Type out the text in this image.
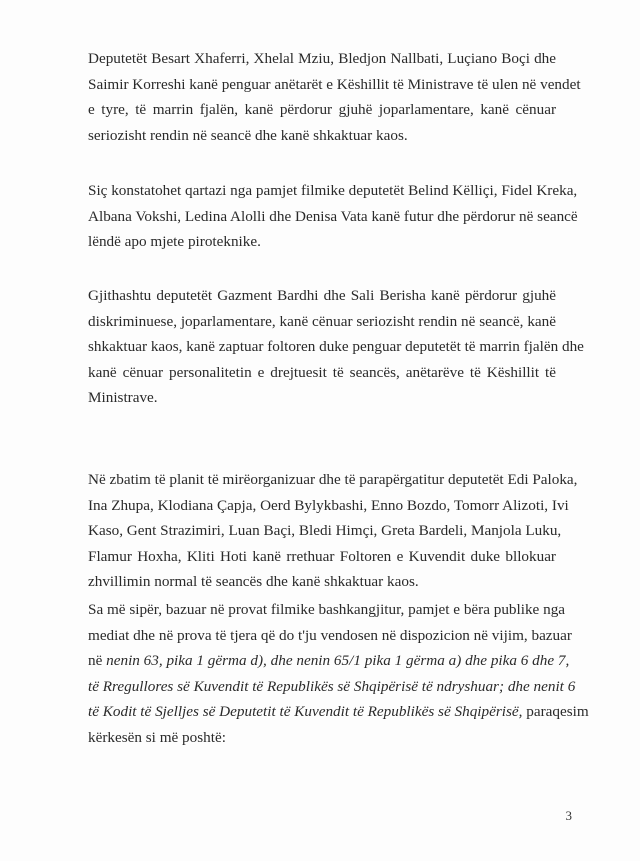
Deputetët Besart Xhaferri, Xhelal Mziu, Bledjon Nallbati, Luçiano Boçi dhe
Saimir Korreshi kanë penguar anëtarët e Këshillit të Ministrave të ulen në vendet
e tyre, të marrin fjalën, kanë përdorur gjuhë joparlamentare, kanë cënuar
seriozisht rendin në seancë dhe kanë shkaktuar kaos.

Siç konstatohet qartazi nga pamjet filmike deputetët Belind Këlliçi, Fidel Kreka,
Albana Vokshi, Ledina Alolli dhe Denisa Vata kanë futur dhe përdorur në seancë
lëndë apo mjete piroteknike.

Gjithashtu deputetët Gazment Bardhi dhe Sali Berisha kanë përdorur gjuhë
diskriminuese, joparlamentare, kanë cënuar seriozisht rendin në seancë, kanë
shkaktuar kaos, kanë zaptuar foltoren duke penguar deputetët të marrin fjalën dhe
kanë cënuar personalitetin e drejtuesit të seancës, anëtarëve të Këshillit të
Ministrave.

Në zbatim të planit të mirëorganizuar dhe të parapërgatitur deputetët Edi Paloka,
Ina Zhupa, Klodiana Çapja, Oerd Bylykbashi, Enno Bozdo, Tomorr Alizoti, Ivi
Kaso, Gent Strazimiri, Luan Baçi, Bledi Himçi, Greta Bardeli, Manjola Luku,
Flamur Hoxha, Kliti Hoti kanë rrethuar Foltoren e Kuvendit duke bllokuar
zhvillimin normal të seancës dhe kanë shkaktuar kaos.

Sa më sipër, bazuar në provat filmike bashkangjitur, pamjet e bëra publike nga
mediat dhe në prova të tjera që do t'ju vendosen në dispozicion në vijim, bazuar
në nenin 63, pika 1 gërma d), dhe nenin 65/1 pika 1 gërma a) dhe pika 6 dhe 7,
të Rregullores së Kuvendit të Republikës së Shqipërisë të ndryshuar; dhe nenit 6
të Kodit të Sjelljes së Deputetit të Kuvendit të Republikës së Shqipërisë, paraqesim
kërkesën si më poshtë:

3
